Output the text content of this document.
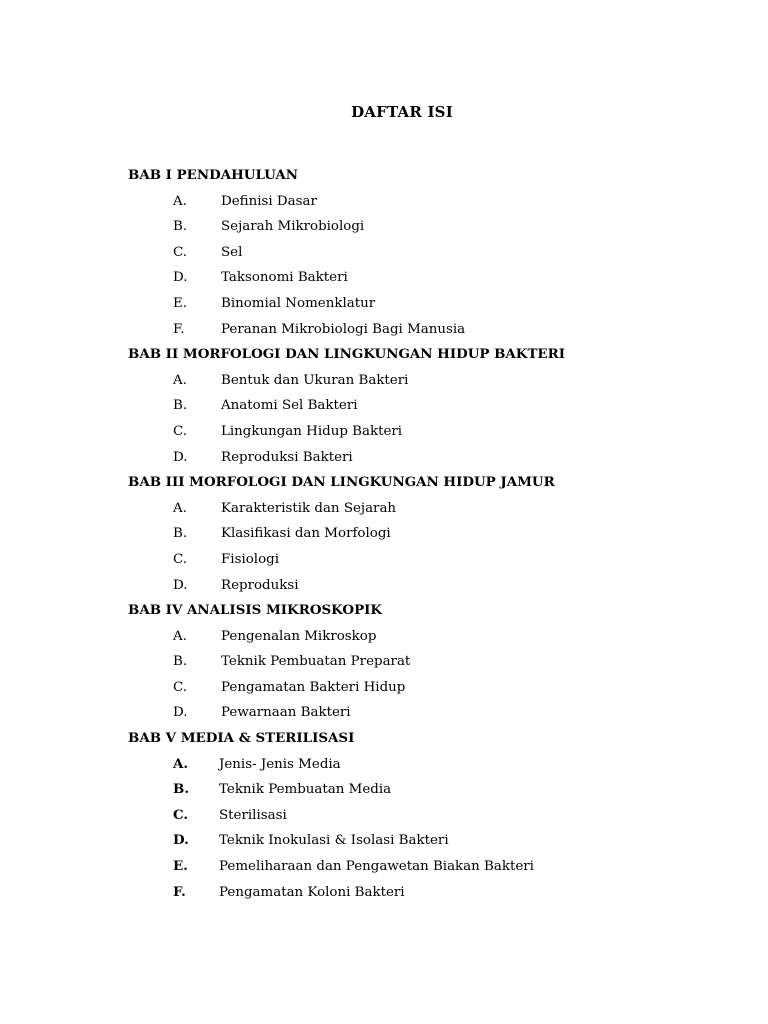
DAFTAR ISI
BAB I PENDAHULUAN
A.	Definisi Dasar
B.	Sejarah Mikrobiologi
C.	Sel
D.	Taksonomi Bakteri
E.	Binomial Nomenklatur
F.	Peranan Mikrobiologi Bagi Manusia
BAB II MORFOLOGI DAN LINGKUNGAN HIDUP BAKTERI
A.	Bentuk dan Ukuran Bakteri
B.	Anatomi Sel Bakteri
C.	Lingkungan Hidup Bakteri
D.	Reproduksi Bakteri
BAB III MORFOLOGI DAN LINGKUNGAN HIDUP JAMUR
A.	Karakteristik dan Sejarah
B.	Klasifikasi dan Morfologi
C.	Fisiologi
D.	Reproduksi
BAB IV ANALISIS MIKROSKOPIK
A.	Pengenalan Mikroskop
B.	Teknik Pembuatan Preparat
C.	Pengamatan Bakteri Hidup
D.	Pewarnaan Bakteri
BAB V MEDIA & STERILISASI
A.	Jenis- Jenis Media
B.	Teknik Pembuatan Media
C.	Sterilisasi
D.	Teknik Inokulasi & Isolasi Bakteri
E.	Pemeliharaan dan Pengawetan Biakan Bakteri
F.	Pengamatan Koloni Bakteri
